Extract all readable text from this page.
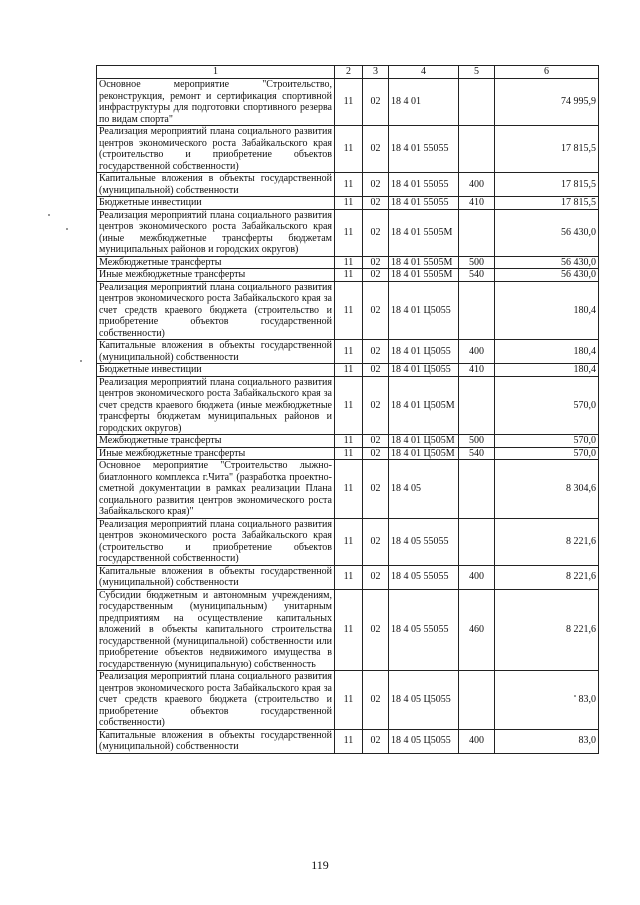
1	2	3	4	5	6
Основное мероприятие "Строительство, реконструкция, ремонт и сертификация спортивной инфраструктуры для подготовки спортивного резерва по видам спорта"	11	02	18 4 01		74 995,9
Реализация мероприятий плана социального развития центров экономического роста Забайкальского края (строительство и приобретение объектов государственной собственности)	11	02	18 4 01 55055		17 815,5
Капитальные вложения в объекты государственной (муниципальной) собственности	11	02	18 4 01 55055	400	17 815,5
Бюджетные инвестиции	11	02	18 4 01 55055	410	17 815,5
Реализация мероприятий плана социального развития центров экономического роста Забайкальского края (иные межбюджетные трансферты бюджетам муниципальных районов и городских округов)	11	02	18 4 01 5505М		56 430,0
Межбюджетные трансферты	11	02	18 4 01 5505М	500	56 430,0
Иные межбюджетные трансферты	11	02	18 4 01 5505М	540	56 430,0
Реализация мероприятий плана социального развития центров экономического роста Забайкальского края за счет средств краевого бюджета (строительство и приобретение объектов государственной собственности)	11	02	18 4 01 Ц5055		180,4
Капитальные вложения в объекты государственной (муниципальной) собственности	11	02	18 4 01 Ц5055	400	180,4
Бюджетные инвестиции	11	02	18 4 01 Ц5055	410	180,4
Реализация мероприятий плана социального развития центров экономического роста Забайкальского края за счет средств краевого бюджета (иные межбюджетные трансферты бюджетам муниципальных районов и городских округов)	11	02	18 4 01 Ц505М		570,0
Межбюджетные трансферты	11	02	18 4 01 Ц505М	500	570,0
Иные межбюджетные трансферты	11	02	18 4 01 Ц505М	540	570,0
Основное мероприятие "Строительство лыжно-биатлонного комплекса г.Чита" (разработка проектно-сметной документации в рамках реализации Плана социального развития центров экономического роста Забайкальского края)"	11	02	18 4 05		8 304,6
Реализация мероприятий плана социального развития центров экономического роста Забайкальского края (строительство и приобретение объектов государственной собственности)	11	02	18 4 05 55055		8 221,6
Капитальные вложения в объекты государственной (муниципальной) собственности	11	02	18 4 05 55055	400	8 221,6
Субсидии бюджетным и автономным учреждениям, государственным (муниципальным) унитарным предприятиям на осуществление капитальных вложений в объекты капитального строительства государственной (муниципальной) собственности или приобретение объектов недвижимого имущества в государственную (муниципальную) собственность	11	02	18 4 05 55055	460	8 221,6
Реализация мероприятий плана социального развития центров экономического роста Забайкальского края за счет средств краевого бюджета (строительство и приобретение объектов государственной собственности)	11	02	18 4 05 Ц5055		83,0
Капитальные вложения в объекты государственной (муниципальной) собственности	11	02	18 4 05 Ц5055	400	83,0
119
